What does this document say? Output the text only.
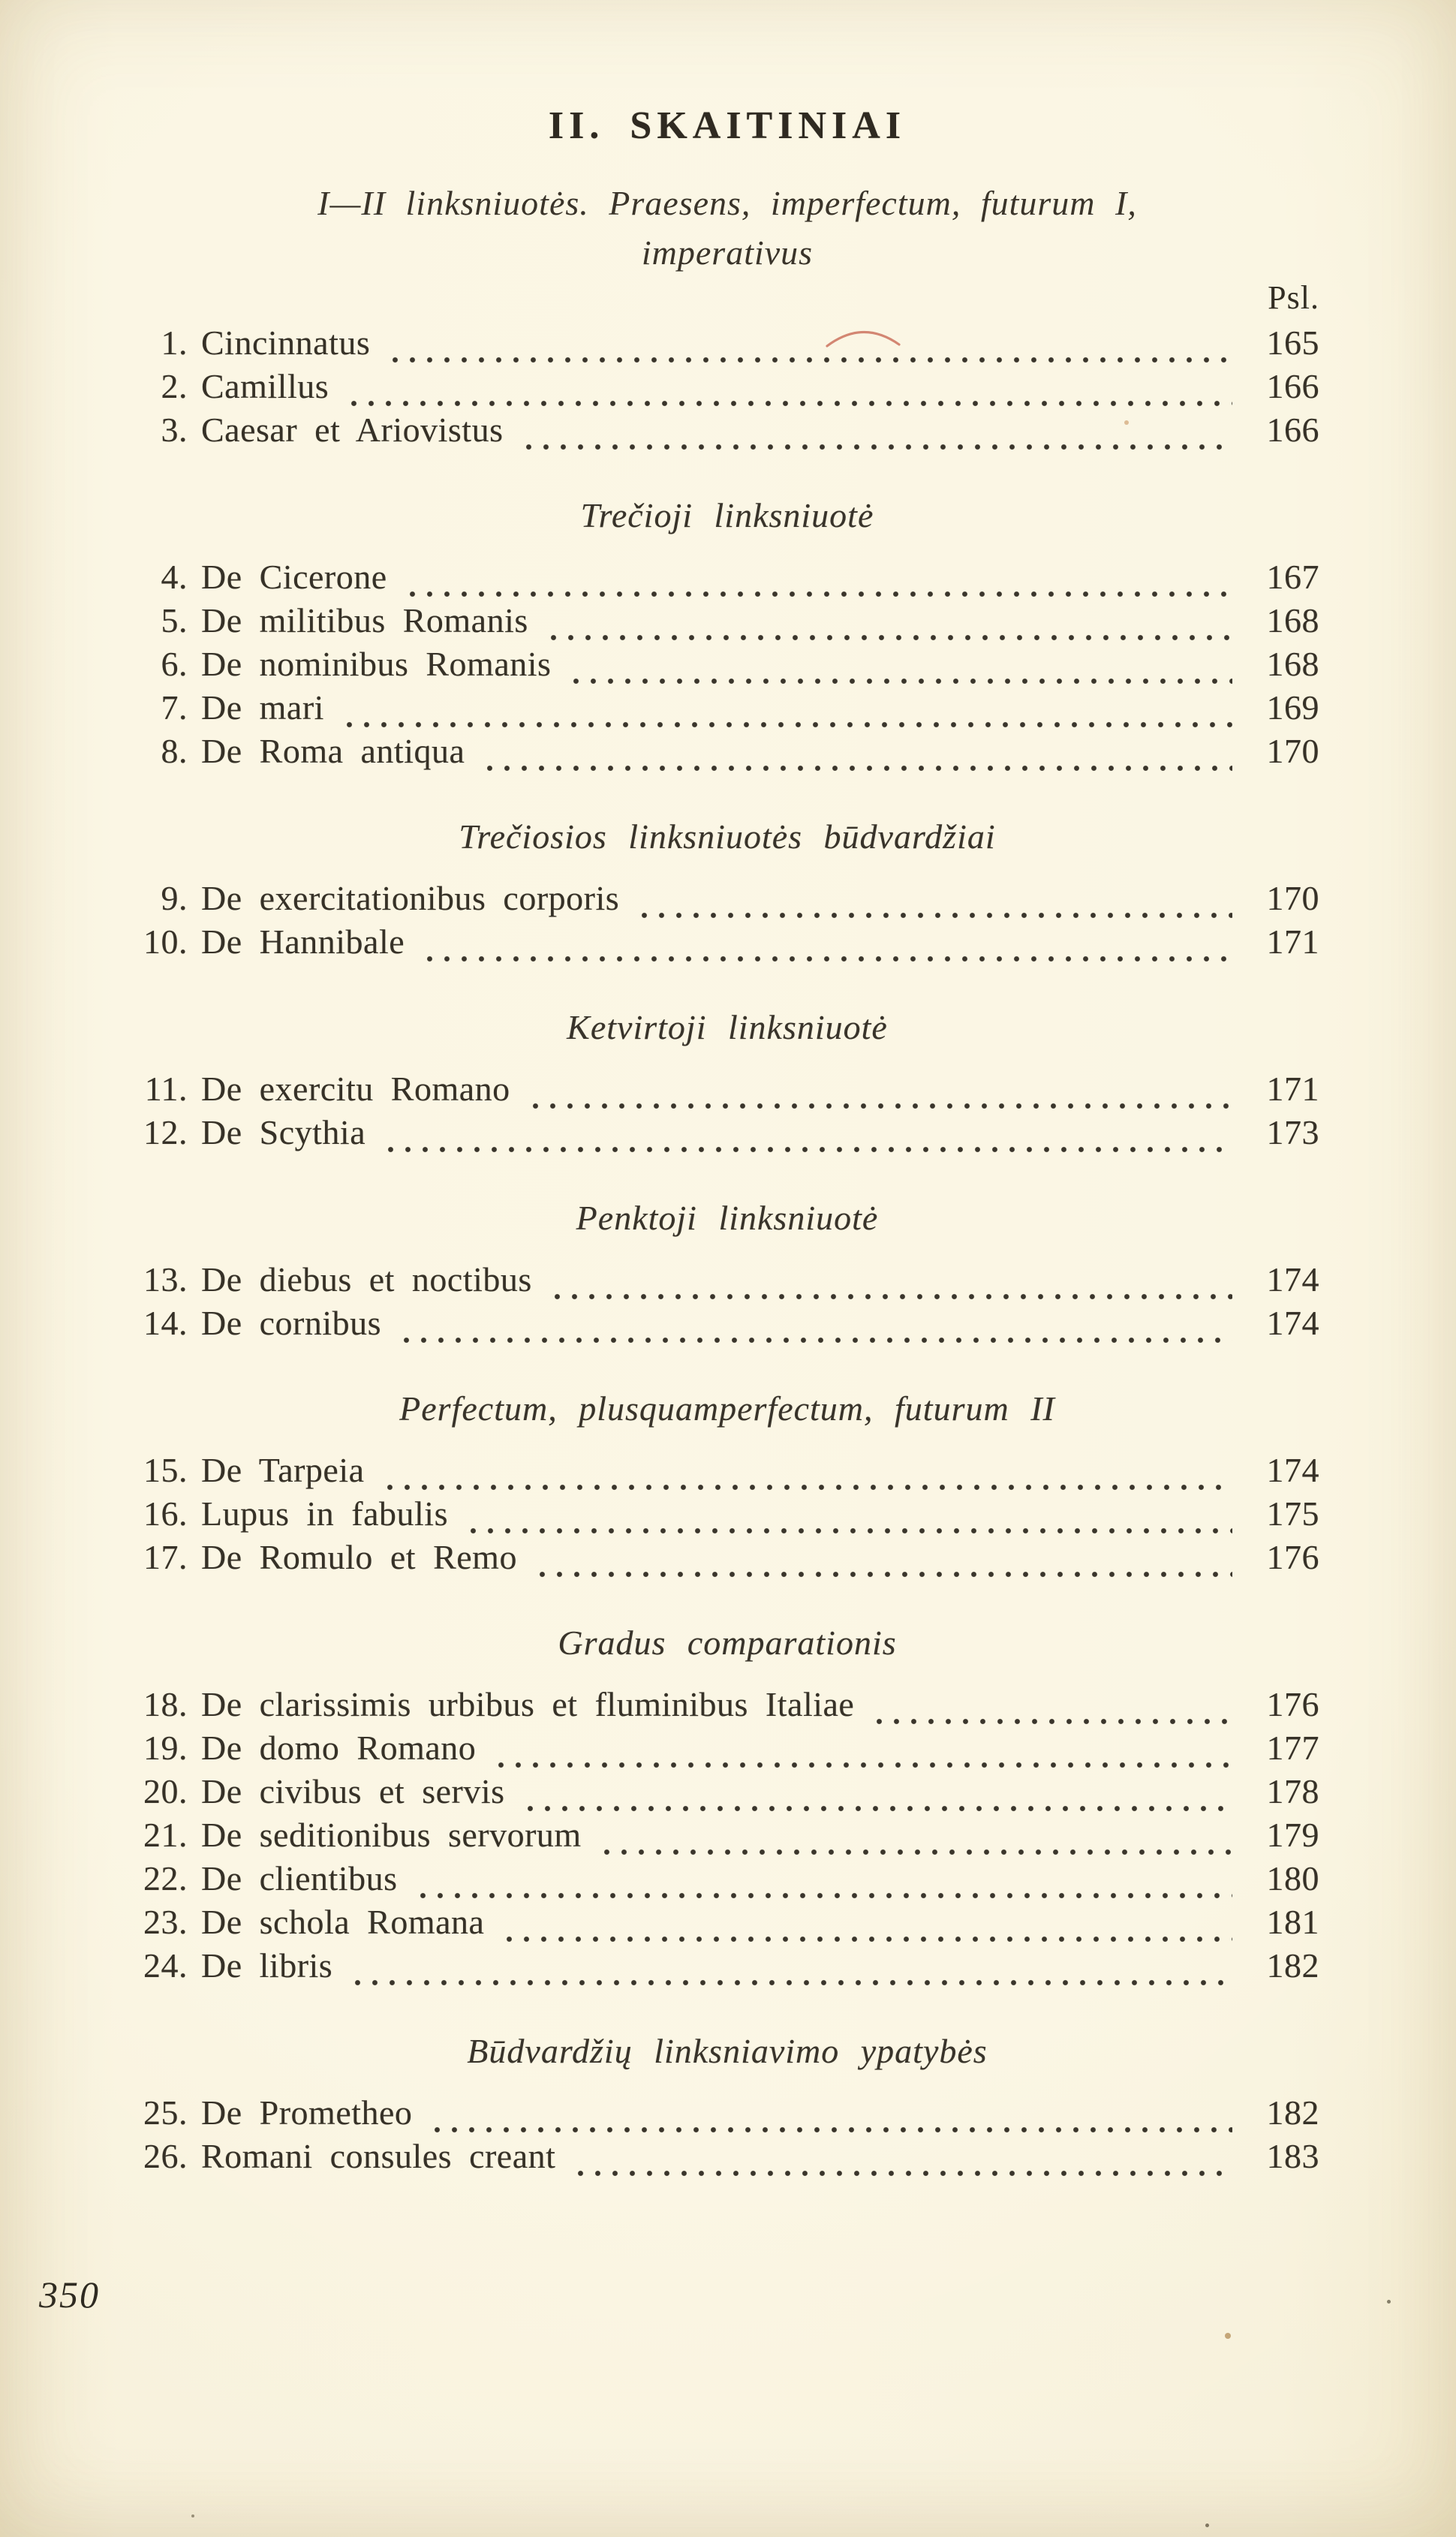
II. SKAITINIAI
I—II linksniuotės. Praesens, imperfectum, futurum I,
imperativus
Psl.
1. Cincinnatus	165
2. Camillus	166
3. Caesar et Ariovistus	166
Trečioji linksniuotė
4. De Cicerone	167
5. De militibus Romanis	168
6. De nominibus Romanis	168
7. De mari	169
8. De Roma antiqua	170
Trečiosios linksniuotės būdvardžiai
9. De exercitationibus corporis	170
10. De Hannibale	171
Ketvirtoji linksniuotė
11. De exercitu Romano	171
12. De Scythia	173
Penktoji linksniuotė
13. De diebus et noctibus	174
14. De cornibus	174
Perfectum, plusquamperfectum, futurum II
15. De Tarpeia	174
16. Lupus in fabulis	175
17. De Romulo et Remo	176
Gradus comparationis
18. De clarissimis urbibus et fluminibus Italiae	176
19. De domo Romano	177
20. De civibus et servis	178
21. De seditionibus servorum	179
22. De clientibus	180
23. De schola Romana	181
24. De libris	182
Būdvardžių linksniavimo ypatybės
25. De Prometheo	182
26. Romani consules creant	183
350
